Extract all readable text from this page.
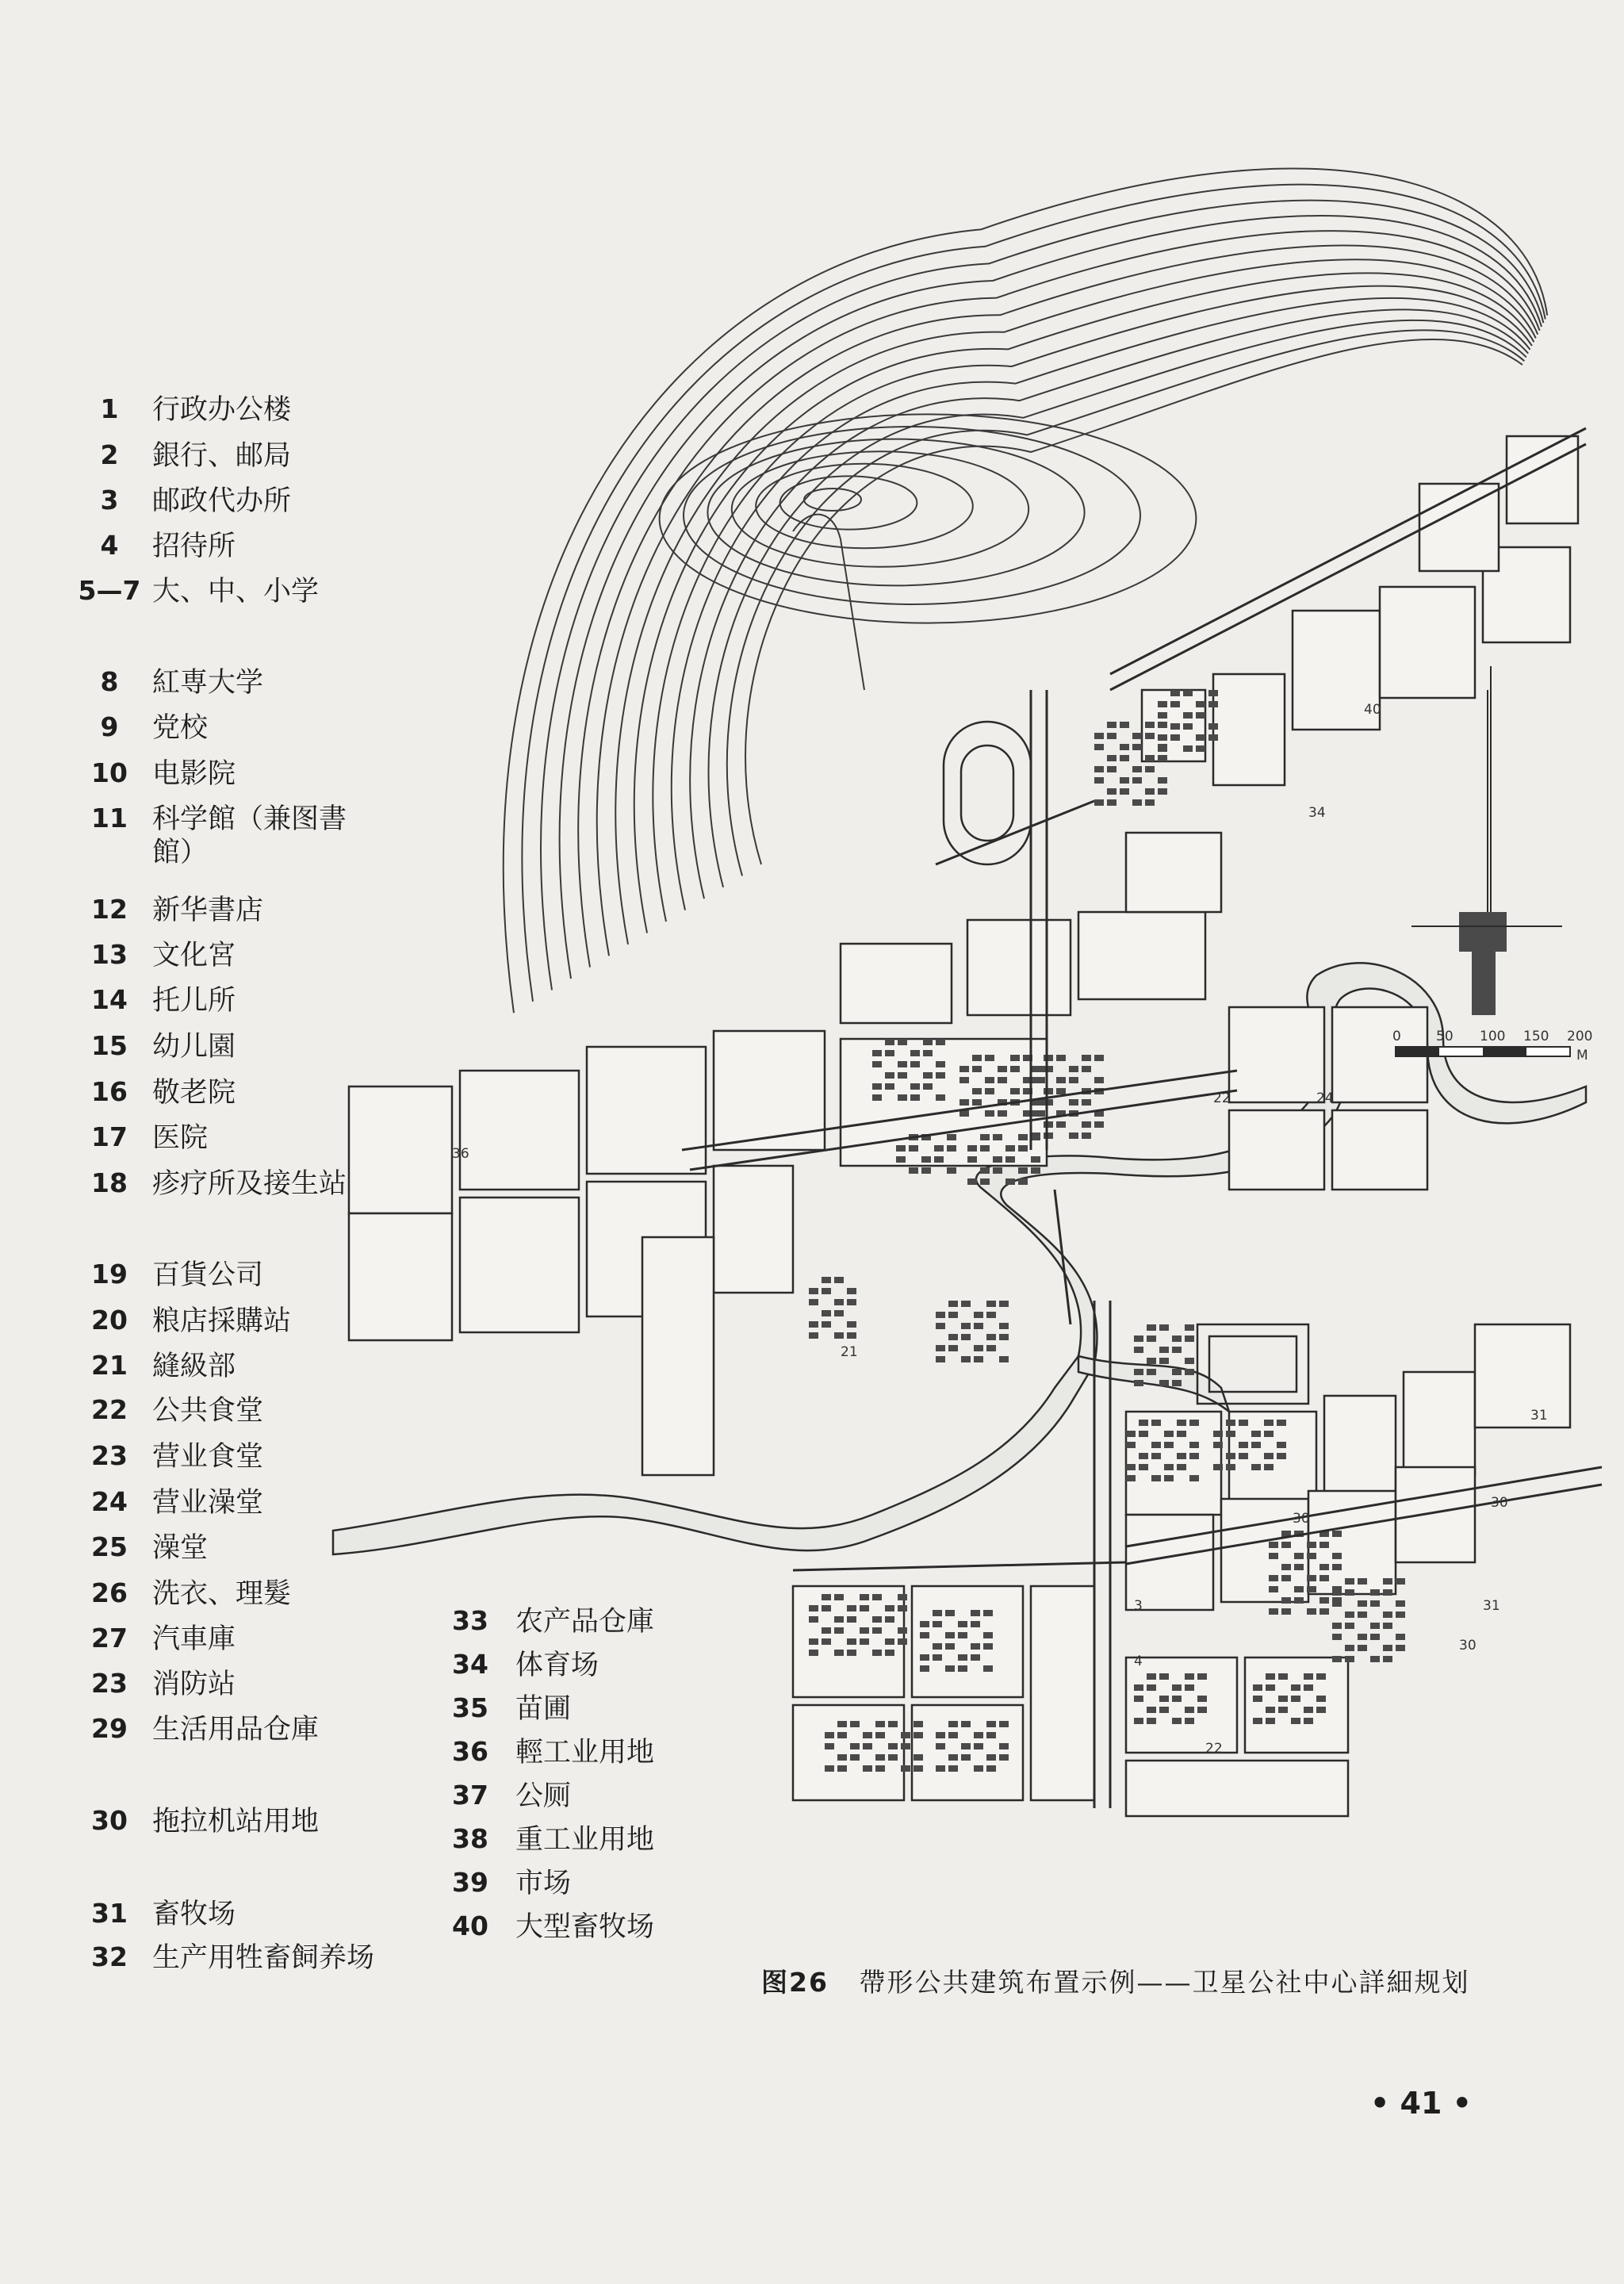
1	行政办公楼
2	銀行、邮局
3	邮政代办所
4	招待所
5—7 大、中、小学
8	紅専大学
9	党校
10 电影院
11 科学館（兼图書館）
12 新华書店
13 文化宮
14 托儿所
15 幼儿園
16 敬老院
17 医院
18 疹疗所及接生站
19 百貨公司
20 粮店採購站
21 縫級部
22 公共食堂
23 营业食堂
24 营业澡堂
25 澡堂
26 洗衣、理髮
27 汽車庫
23 消防站
29 生活用品仓庫
30 拖拉机站用地
31 畜牧场
32 生产用牲畜飼养场
33 农产品仓庫
34 体育场
35 苗圃
36 輕工业用地
37 公厕
38 重工业用地
39 市场
40 大型畜牧场
40
34
22	24
36
31
30
30
31
30
21
3
4
22
0	50 100 150 200
M
图26 帶形公共建筑布置示例——卫星公社中心詳細规划
• 41 •
